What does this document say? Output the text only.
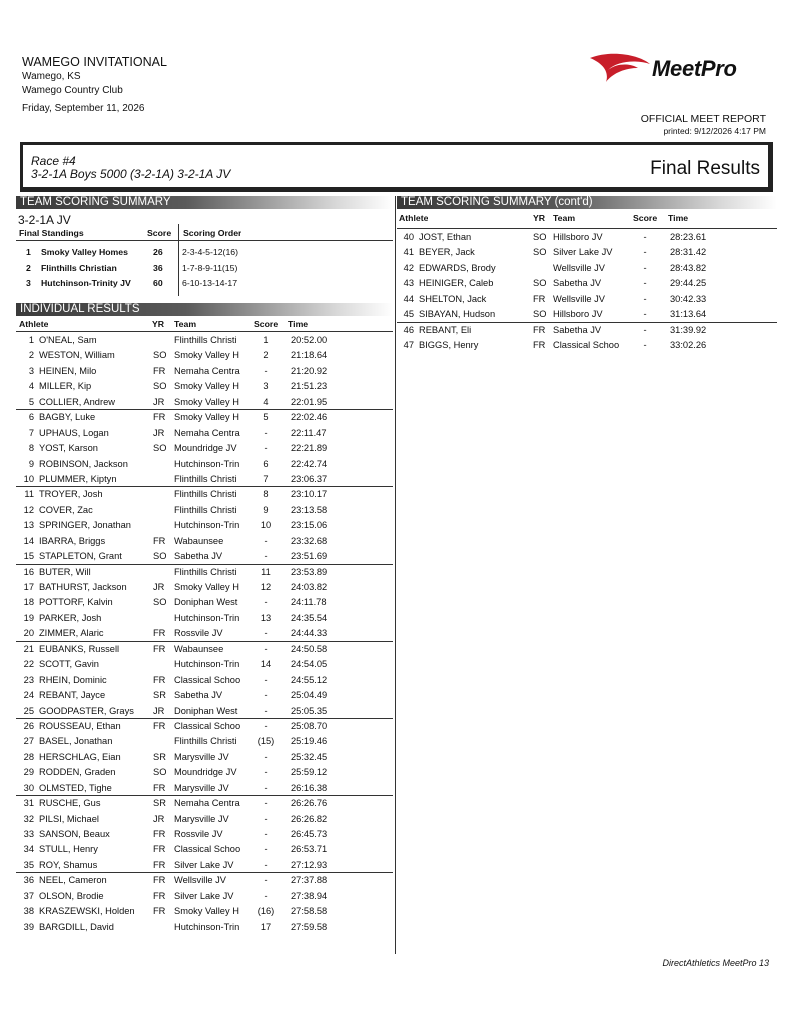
WAMEGO INVITATIONAL
Wamego, KS
Wamego Country Club
Friday, September 11, 2026
MeetPro
OFFICIAL MEET REPORT
printed: 9/12/2026 4:17 PM
Race #4
3-2-1A Boys 5000 (3-2-1A) 3-2-1A JV	Final Results
TEAM SCORING SUMMARY
3-2-1A JV
Final Standings	Score Scoring Order
1 Smoky Valley Homes	26 2-3-4-5-12(16)
2 Flinthills Christian	36 1-7-8-9-11(15)
3 Hutchinson-Trinity JV	60 6-10-13-14-17
INDIVIDUAL RESULTS
Athlete	YR Team	Score Time
1 O'NEAL, Sam	Flinthills Christi	1	20:52.00
2 WESTON, William	SO Smoky Valley H	2	21:18.64
3 HEINEN, Milo	FR Nemaha Centra	-	21:20.92
4 MILLER, Kip	SO Smoky Valley H	3	21:51.23
5 COLLIER, Andrew	JR Smoky Valley H	4	22:01.95
6 BAGBY, Luke	FR Smoky Valley H	5	22:02.46
7 UPHAUS, Logan	JR Nemaha Centra	-	22:11.47
8 YOST, Karson	SO Moundridge JV	-	22:21.89
9 ROBINSON, Jackson	Hutchinson-Trin	6	22:42.74
10 PLUMMER, Kiptyn	Flinthills Christi	7	23:06.37
11 TROYER, Josh	Flinthills Christi	8	23:10.17
12 COVER, Zac	Flinthills Christi	9	23:13.58
13 SPRINGER, Jonathan	Hutchinson-Trin	10	23:15.06
14 IBARRA, Briggs	FR Wabaunsee	-	23:32.68
15 STAPLETON, Grant	SO Sabetha JV	-	23:51.69
16 BUTER, Will	Flinthills Christi	11	23:53.89
17 BATHURST, Jackson	JR Smoky Valley H	12	24:03.82
18 POTTORF, Kalvin	SO Doniphan West	-	24:11.78
19 PARKER, Josh	Hutchinson-Trin	13	24:35.54
20 ZIMMER, Alaric	FR Rossvile JV	-	24:44.33
21 EUBANKS, Russell	FR Wabaunsee	-	24:50.58
22 SCOTT, Gavin	Hutchinson-Trin	14	24:54.05
23 RHEIN, Dominic	FR Classical Schoo	-	24:55.12
24 REBANT, Jayce	SR Sabetha JV	-	25:04.49
25 GOODPASTER, Grays	JR Doniphan West	-	25:05.35
26 ROUSSEAU, Ethan	FR Classical Schoo	-	25:08.70
27 BASEL, Jonathan	Flinthills Christi	(15)	25:19.46
28 HERSCHLAG, Eian	SR Marysville JV	-	25:32.45
29 RODDEN, Graden	SO Moundridge JV	-	25:59.12
30 OLMSTED, Tighe	FR Marysville JV	-	26:16.38
31 RUSCHE, Gus	SR Nemaha Centra	-	26:26.76
32 PILSI, Michael	JR Marysville JV	-	26:26.82
33 SANSON, Beaux	FR Rossvile JV	-	26:45.73
34 STULL, Henry	FR Classical Schoo	-	26:53.71
35 ROY, Shamus	FR Silver Lake JV	-	27:12.93
36 NEEL, Cameron	FR Wellsville JV	-	27:37.88
37 OLSON, Brodie	FR Silver Lake JV	-	27:38.94
38 KRASZEWSKI, Holden	FR Smoky Valley H	(16)	27:58.58
39 BARGDILL, David	Hutchinson-Trin	17	27:59.58
TEAM SCORING SUMMARY (cont'd)
Athlete	YR Team	Score Time
40 JOST, Ethan	SO Hillsboro JV	-	28:23.61
41 BEYER, Jack	SO Silver Lake JV	-	28:31.42
42 EDWARDS, Brody	Wellsville JV	-	28:43.82
43 HEINIGER, Caleb	SO Sabetha JV	-	29:44.25
44 SHELTON, Jack	FR Wellsville JV	-	30:42.33
45 SIBAYAN, Hudson	SO Hillsboro JV	-	31:13.64
46 REBANT, Eli	FR Sabetha JV	-	31:39.92
47 BIGGS, Henry	FR Classical Schoo	-	33:02.26
DirectAthletics MeetPro 13
